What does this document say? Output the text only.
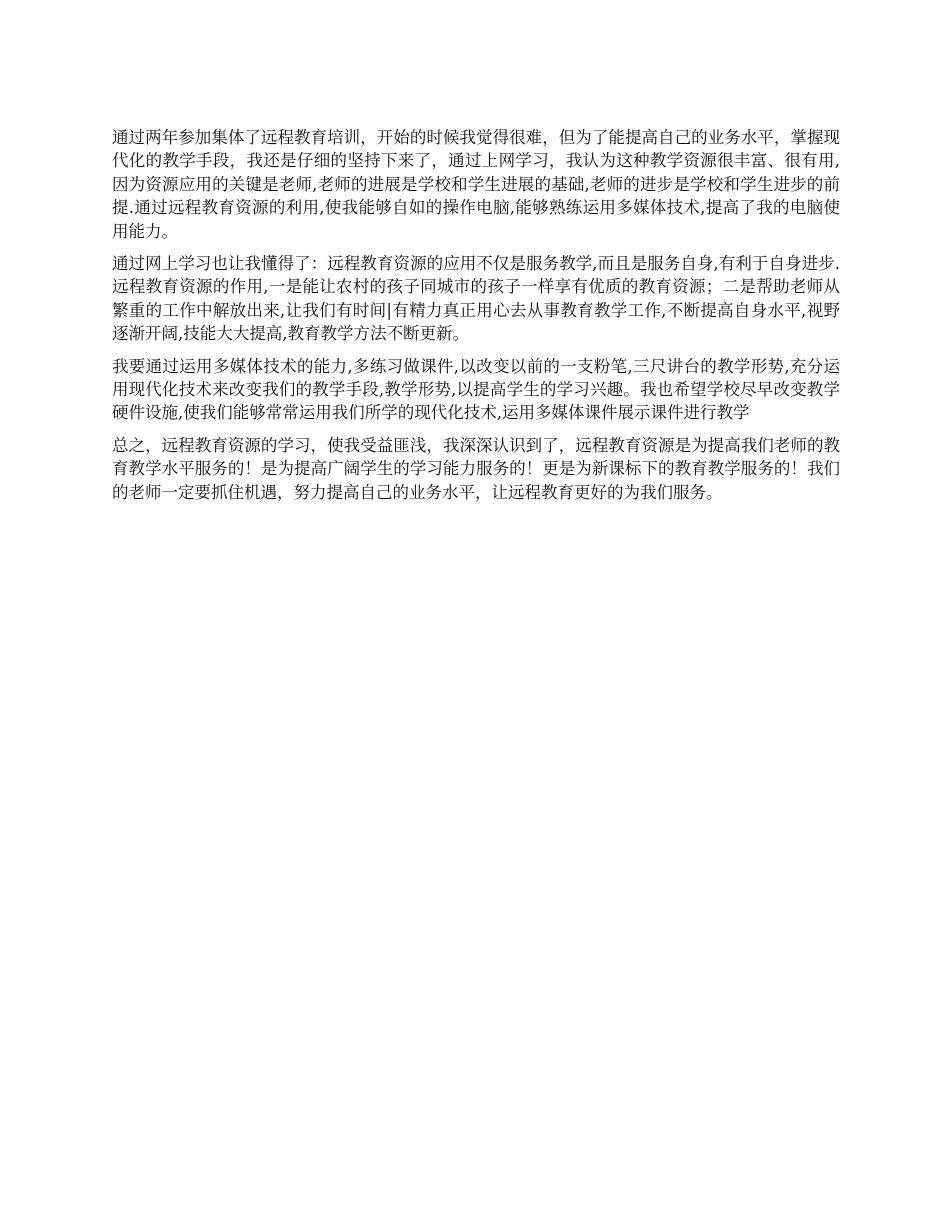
通过两年参加集体了远程教育培训，开始的时候我觉得很难，但为了能提高自己的业务水平，掌握现代化的教学手段，我还是仔细的坚持下来了，通过上网学习，我认为这种教学资源很丰富、很有用,因为资源应用的关键是老师,老师的进展是学校和学生进展的基础,老师的进步是学校和学生进步的前提.通过远程教育资源的利用,使我能够自如的操作电脑,能够熟练运用多媒体技术,提高了我的电脑使用能力。

通过网上学习也让我懂得了：远程教育资源的应用不仅是服务教学,而且是服务自身,有利于自身进步.远程教育资源的作用,一是能让农村的孩子同城市的孩子一样享有优质的教育资源；二是帮助老师从繁重的工作中解放出来,让我们有时间|有精力真正用心去从事教育教学工作,不断提高自身水平,视野逐渐开阔,技能大大提高,教育教学方法不断更新。

我要通过运用多媒体技术的能力,多练习做课件,以改变以前的一支粉笔,三尺讲台的教学形势,充分运用现代化技术来改变我们的教学手段,教学形势,以提高学生的学习兴趣。我也希望学校尽早改变教学硬件设施,使我们能够常常运用我们所学的现代化技术,运用多媒体课件展示课件进行教学

总之，远程教育资源的学习，使我受益匪浅，我深深认识到了，远程教育资源是为提高我们老师的教育教学水平服务的！是为提高广阔学生的学习能力服务的！更是为新课标下的教育教学服务的！我们的老师一定要抓住机遇，努力提高自己的业务水平，让远程教育更好的为我们服务。
